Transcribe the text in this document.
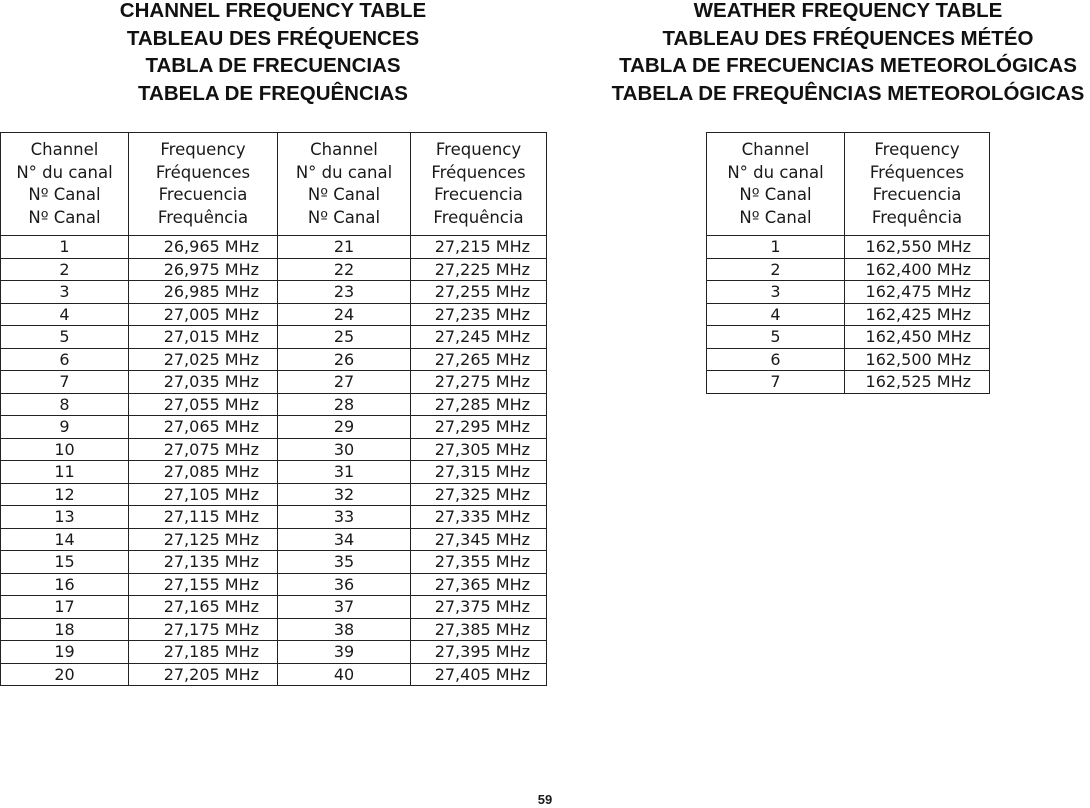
CHANNEL FREQUENCY TABLE
TABLEAU DES FRÉQUENCES
TABLA DE FRECUENCIAS
TABELA DE FREQUÊNCIAS
WEATHER FREQUENCY TABLE
TABLEAU DES FRÉQUENCES MÉTÉO
TABLA DE FRECUENCIAS METEOROLÓGICAS
TABELA DE FREQUÊNCIAS METEOROLÓGICAS
Channel
N° du canal
Nº Canal
Nº Canal	Frequency
Fréquences
Frecuencia
Frequência	Channel
N° du canal
Nº Canal
Nº Canal	Frequency
Fréquences
Frecuencia
Frequência

1	26,965 MHz	21	27,215 MHz
2	26,975 MHz	22	27,225 MHz
3	26,985 MHz	23	27,255 MHz
4	27,005 MHz	24	27,235 MHz
5	27,015 MHz	25	27,245 MHz
6	27,025 MHz	26	27,265 MHz
7	27,035 MHz	27	27,275 MHz
8	27,055 MHz	28	27,285 MHz
9	27,065 MHz	29	27,295 MHz
10	27,075 MHz	30	27,305 MHz
11	27,085 MHz	31	27,315 MHz
12	27,105 MHz	32	27,325 MHz
13	27,115 MHz	33	27,335 MHz
14	27,125 MHz	34	27,345 MHz
15	27,135 MHz	35	27,355 MHz
16	27,155 MHz	36	27,365 MHz
17	27,165 MHz	37	27,375 MHz
18	27,175 MHz	38	27,385 MHz
19	27,185 MHz	39	27,395 MHz
20	27,205 MHz	40	27,405 MHz
Channel
N° du canal
Nº Canal
Nº Canal	Frequency
Fréquences
Frecuencia
Frequência

1	162,550 MHz
2	162,400 MHz
3	162,475 MHz
4	162,425 MHz
5	162,450 MHz
6	162,500 MHz
7	162,525 MHz
59
